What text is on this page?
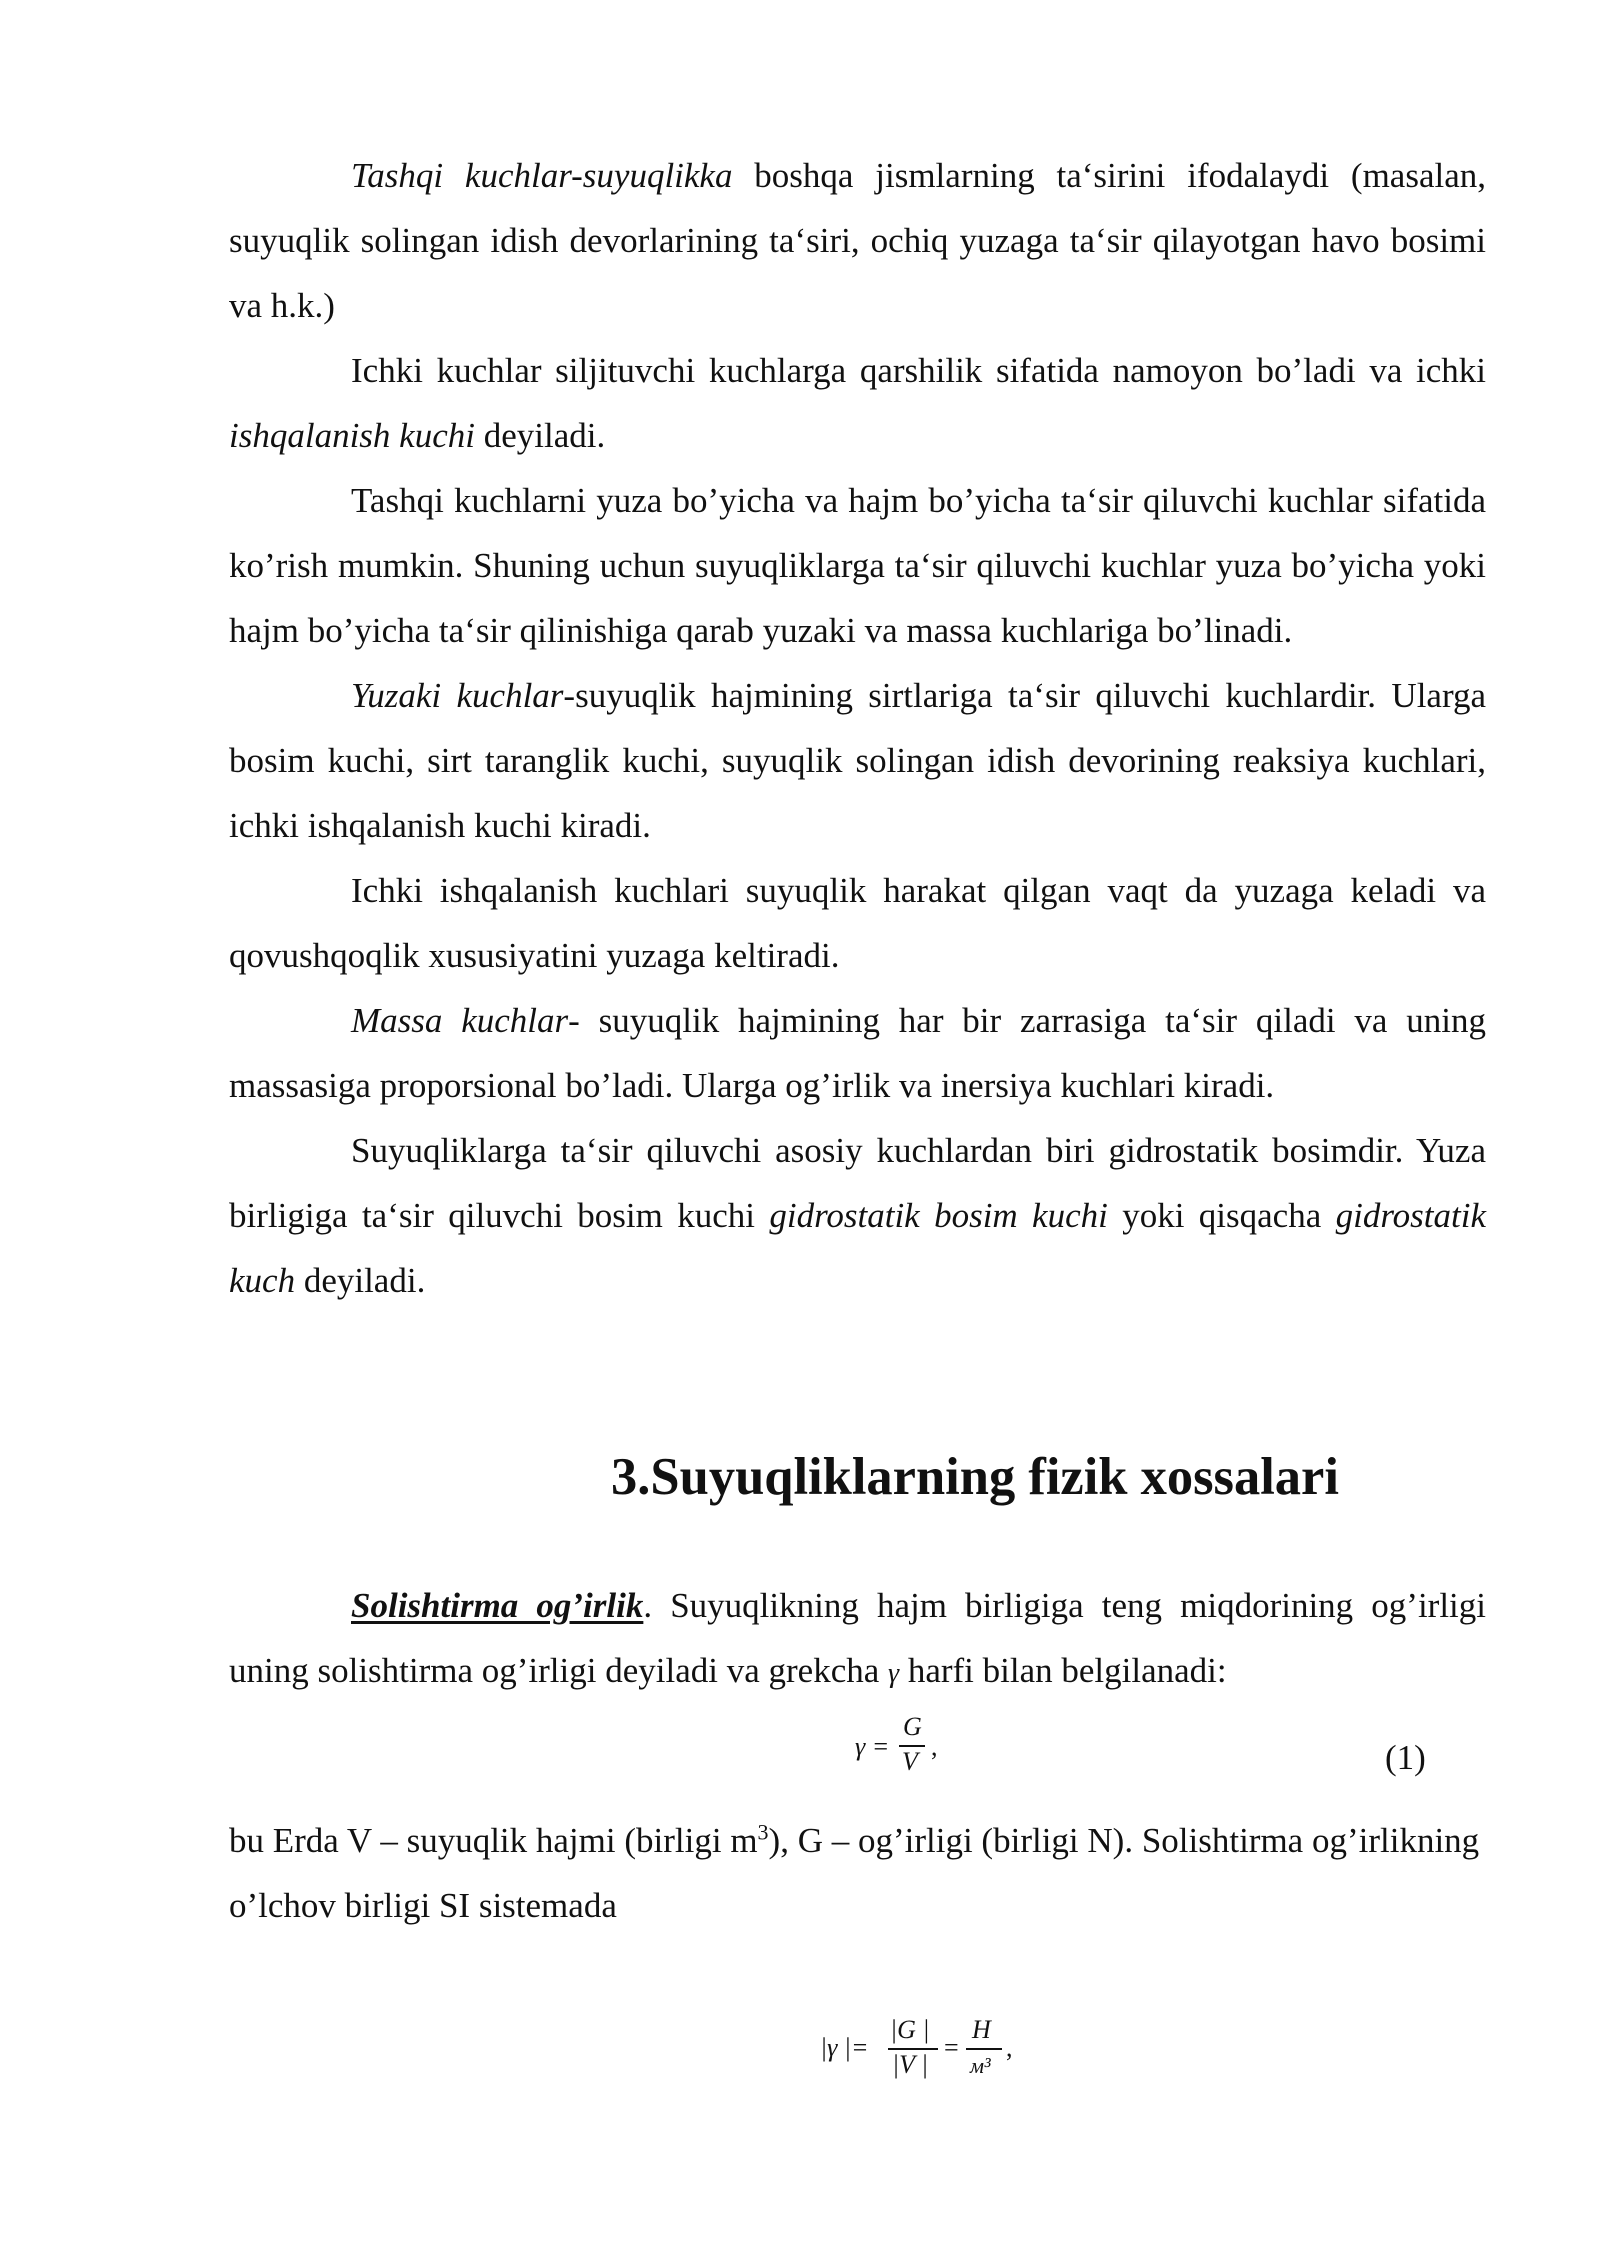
Tashqi kuchlar-suyuqlikka boshqa jismlarning ta‘sirini ifodalaydi (masalan, suyuqlik solingan idish devorlarining ta‘siri, ochiq yuzaga ta‘sir qilayotgan havo bosimi va h.k.)

Ichki kuchlar siljituvchi kuchlarga qarshilik sifatida namoyon bo’ladi va ichki ishqalanish kuchi deyiladi.

Tashqi kuchlarni yuza bo’yicha va hajm bo’yicha ta‘sir qiluvchi kuchlar sifatida ko’rish mumkin. Shuning uchun suyuqliklarga ta‘sir qiluvchi kuchlar yuza bo’yicha yoki hajm bo’yicha ta‘sir qilinishiga qarab yuzaki va massa kuchlariga bo’linadi.

Yuzaki kuchlar-suyuqlik hajmining sirtlariga ta‘sir qiluvchi kuchlardir. Ularga bosim kuchi, sirt taranglik kuchi, suyuqlik solingan idish devorining reaksiya kuchlari, ichki ishqalanish kuchi kiradi.

Ichki ishqalanish kuchlari suyuqlik harakat qilgan vaqt da yuzaga keladi va qovushqoqlik xususiyatini yuzaga keltiradi.

Massa kuchlar- suyuqlik hajmining har bir zarrasiga ta‘sir qiladi va uning massasiga proporsional bo’ladi. Ularga og’irlik va inersiya kuchlari kiradi.

Suyuqliklarga ta‘sir qiluvchi asosiy kuchlardan biri gidrostatik bosimdir. Yuza birligiga ta‘sir qiluvchi bosim kuchi gidrostatik bosim kuchi yoki qisqacha gidrostatik kuch deyiladi.

3.Suyuqliklarning fizik xossalari

Solishtirma og’irlik. Suyuqlikning hajm birligiga teng miqdorining og’irligi uning solishtirma og’irligi deyiladi va grekcha γ harfi bilan belgilanadi:

γ =
G
V
,	(1)

bu Erda V – suyuqlik hajmi (birligi $m^3$), G – og’irligi (birligi N). Solishtirma og’irlikning o’lchov birligi SI sistemada

|γ |=
|G |
|V |
=
H
м³
,
